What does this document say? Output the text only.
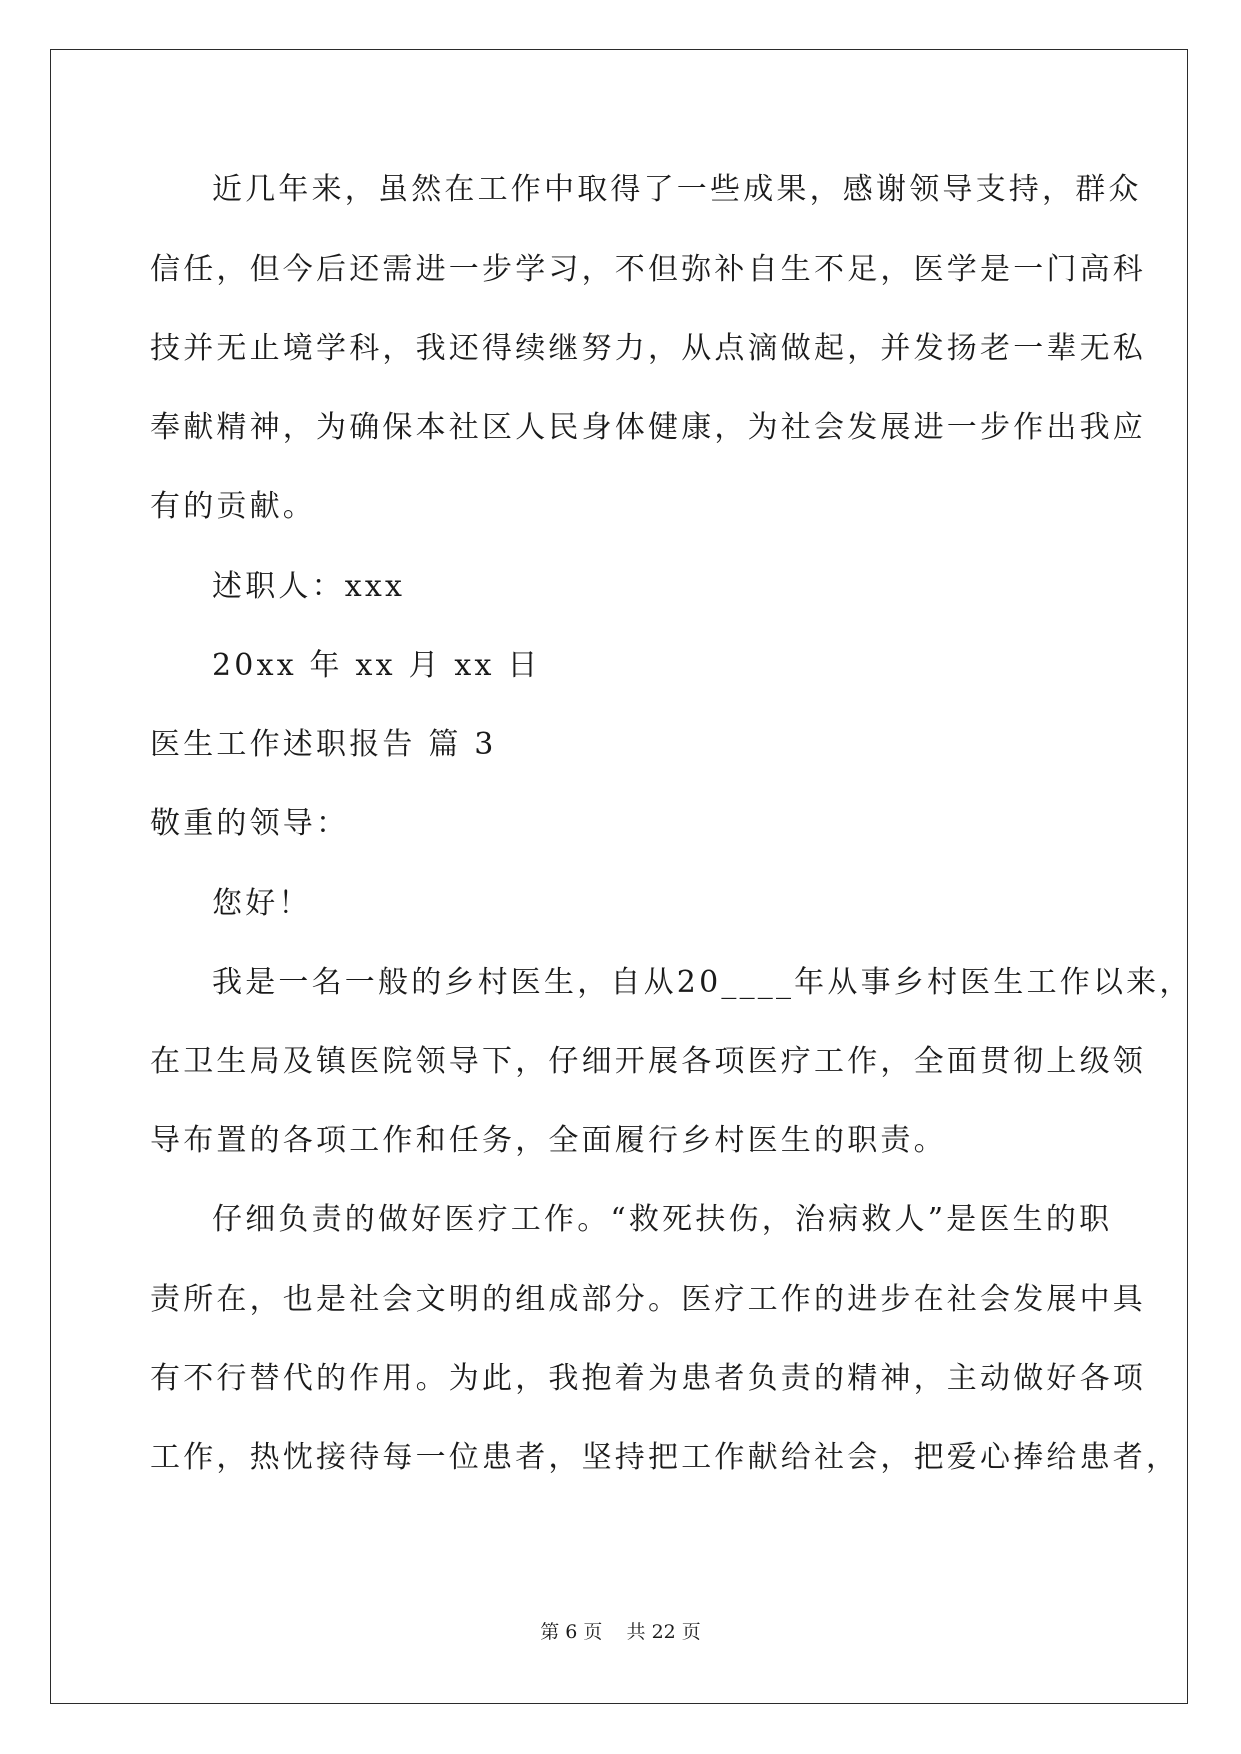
近几年来，虽然在工作中取得了一些成果，感谢领导支持，群众
信任，但今后还需进一步学习，不但弥补自生不足，医学是一门高科
技并无止境学科，我还得续继努力，从点滴做起，并发扬老一辈无私
奉献精神，为确保本社区人民身体健康，为社会发展进一步作出我应
有的贡献。
述职人：xxx
20xx 年 xx 月 xx 日
医生工作述职报告 篇 3
敬重的领导：
您好！
我是一名一般的乡村医生，自从20____年从事乡村医生工作以来，
在卫生局及镇医院领导下，仔细开展各项医疗工作，全面贯彻上级领
导布置的各项工作和任务，全面履行乡村医生的职责。
仔细负责的做好医疗工作。“救死扶伤，治病救人”是医生的职
责所在，也是社会文明的组成部分。医疗工作的进步在社会发展中具
有不行替代的作用。为此，我抱着为患者负责的精神，主动做好各项
工作，热忱接待每一位患者，坚持把工作献给社会，把爱心捧给患者，
第 6 页    共 22 页
